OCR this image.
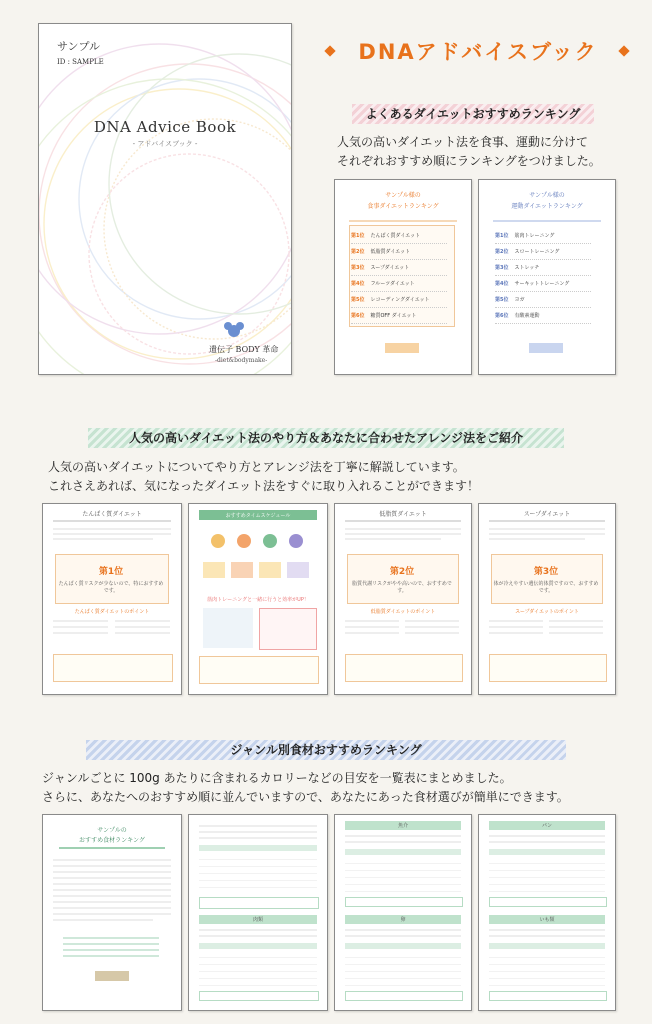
サンプル
ID : SAMPLE
DNA Advice Book
- アドバイスブック -
遺伝子 BODY 革命
-diet&bodymake-
DNAアドバイスブック
よくあるダイエットおすすめランキング
人気の高いダイエット法を食事、運動に分けて
それぞれおすすめ順にランキングをつけました。
サンプル様の
食事ダイエットランキング
第1位 たんぱく質ダイエット
第2位 低脂質ダイエット
第3位 スープダイエット
第4位 フルーツダイエット
第5位 レコーディングダイエット
第6位 糖質OFF ダイエット
サンプル様の
運動ダイエットランキング
第1位 筋肉トレーニング
第2位 スロートレーニング
第3位 ストレッチ
第4位 サーキットトレーニング
第5位 ヨガ
第6位 有酸素運動
人気の高いダイエット法のやり方＆あなたに合わせたアレンジ法をご紹介
人気の高いダイエットについてやり方とアレンジ法を丁寧に解説しています。
これさえあれば、気になったダイエット法をすぐに取り入れることができます！
たんぱく質ダイエット
第1位
たんぱく質リスクが少ないので、特におすすめです。
たんぱく質ダイエットのポイント
おすすめタイムスケジュール
筋肉トレーニングと一緒に行うと効率がUP！
低脂質ダイエット
第2位
脂質代謝リスクがやや高いので、おすすめです。
低脂質ダイエットのポイント
スープダイエット
第3位
体が冷えやすい遺伝的体質ですので、おすすめです。
スープダイエットのポイント
ジャンル別食材おすすめランキング
ジャンルごとに 100g あたりに含まれるカロリーなどの目安を一覧表にまとめました。
さらに、あなたへのおすすめ順に並んでいますので、あなたにあった食材選びが簡単にできます。
サンプルの
おすすめ食材ランキング
肉類
魚介
卵
パン
いも類
